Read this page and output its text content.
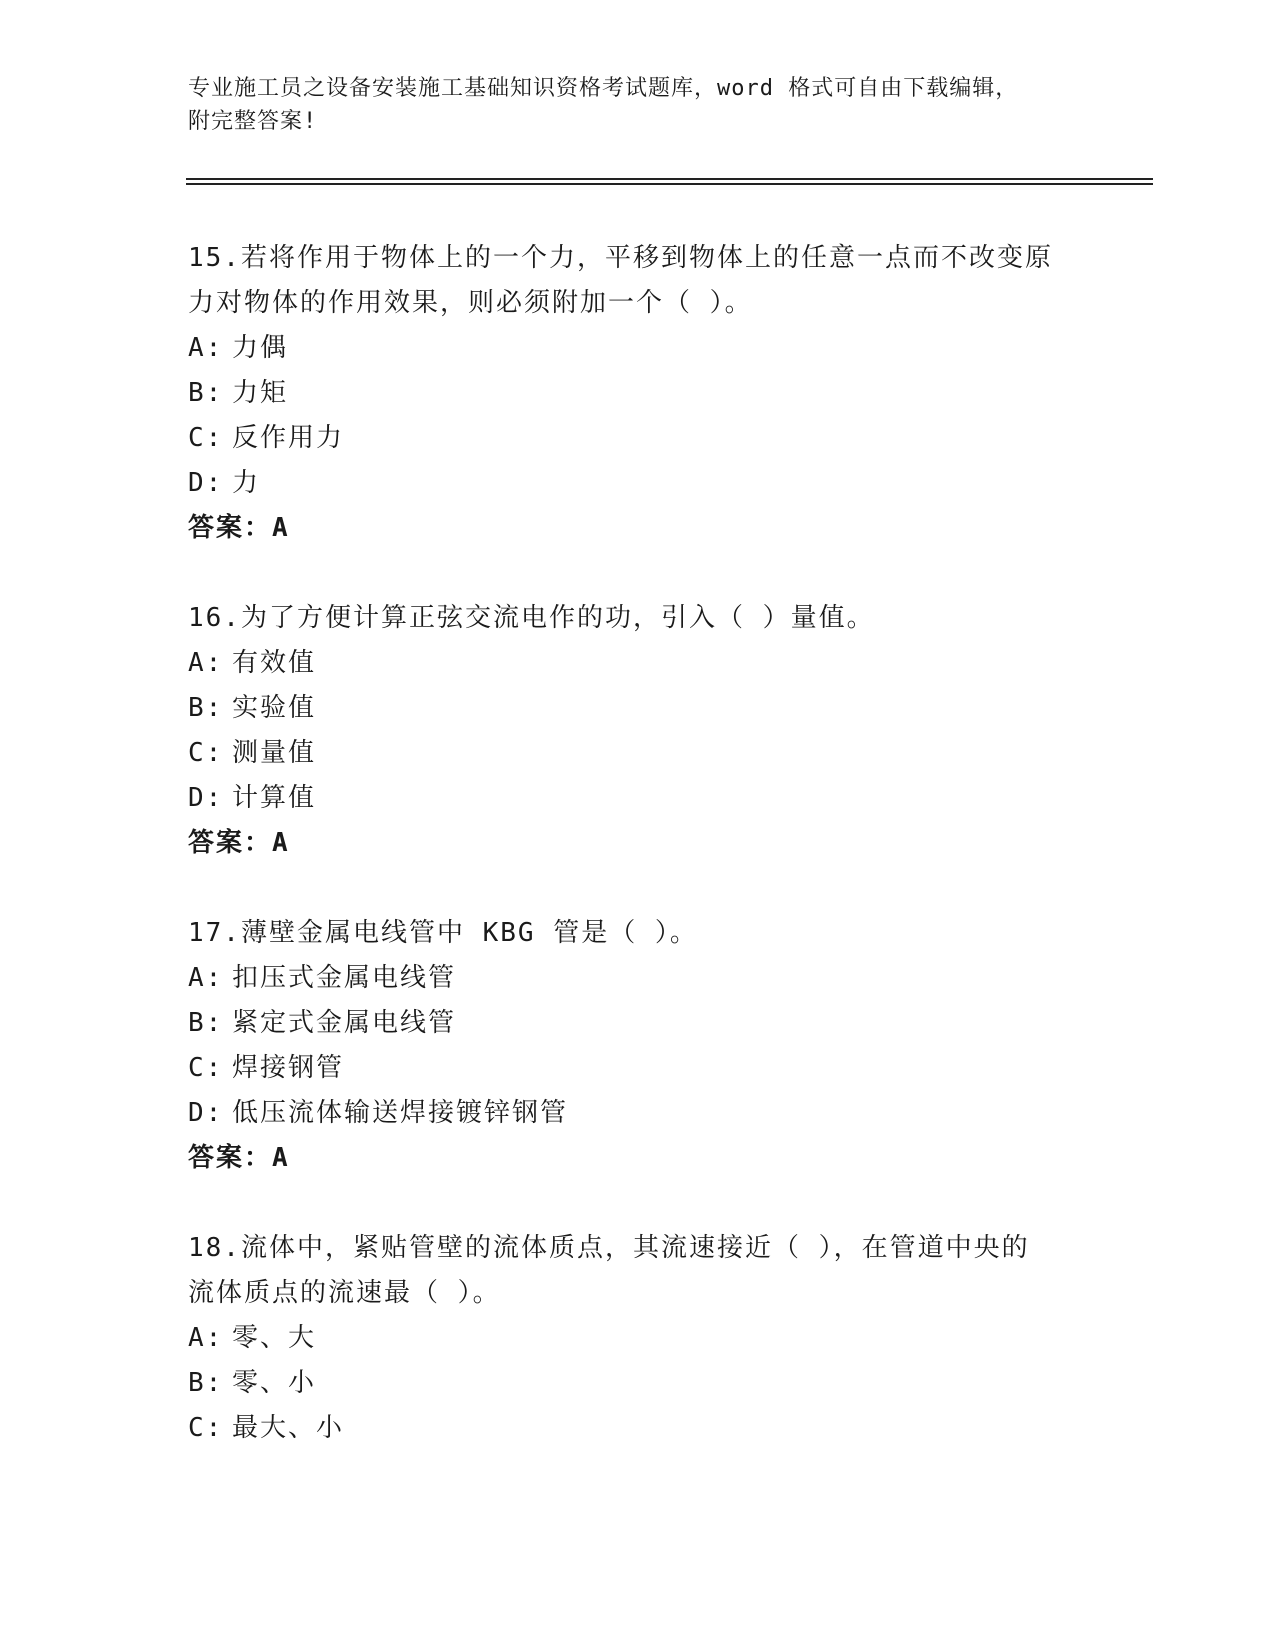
专业施工员之设备安装施工基础知识资格考试题库，word 格式可自由下载编辑，
附完整答案!
15.若将作用于物体上的一个力，平移到物体上的任意一点而不改变原
力对物体的作用效果，则必须附加一个（ ）。
A: 力偶
B: 力矩
C: 反作用力
D: 力
答案：A
16.为了方便计算正弦交流电作的功，引入（ ）量值。
A: 有效值
B: 实验值
C: 测量值
D: 计算值
答案：A
17.薄壁金属电线管中 KBG 管是（ ）。
A: 扣压式金属电线管
B: 紧定式金属电线管
C: 焊接钢管
D: 低压流体输送焊接镀锌钢管
答案：A
18.流体中，紧贴管壁的流体质点，其流速接近（ ），在管道中央的
流体质点的流速最（ ）。
A: 零、大
B: 零、小
C: 最大、小
